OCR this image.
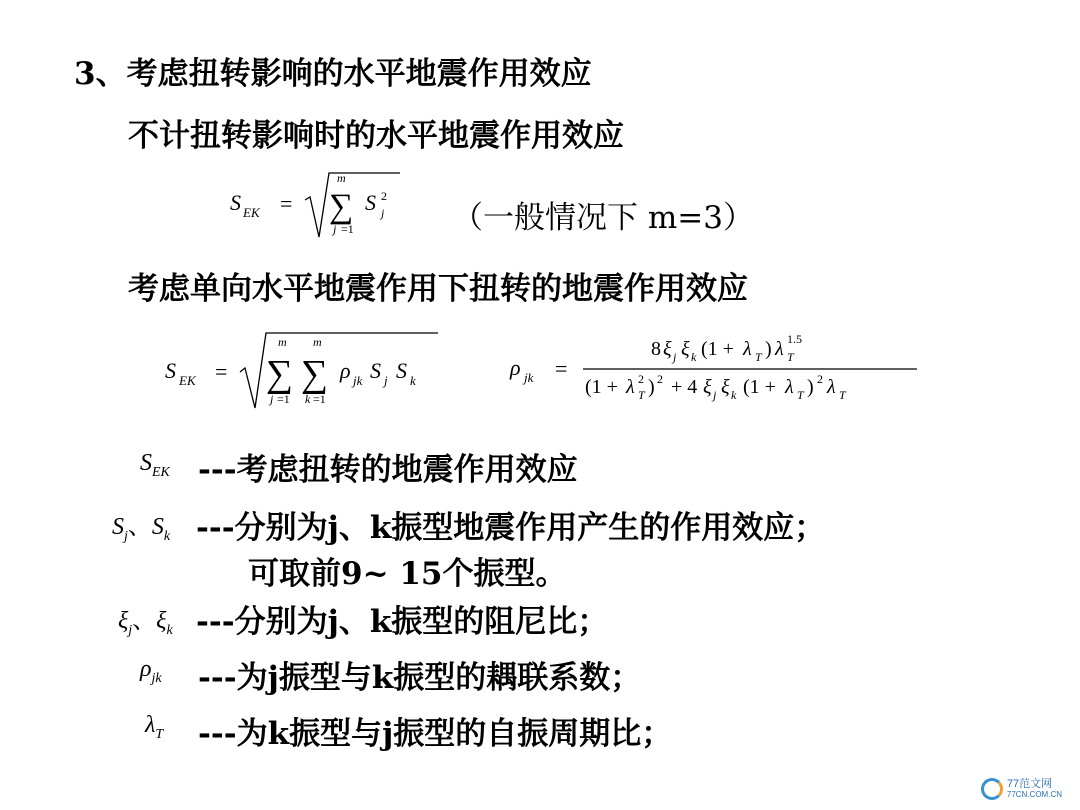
3、考虑扭转影响的水平地震作用效应
不计扭转影响时的水平地震作用效应
S EK =
m
∑
j =1
S 2
j （一般情况下 m=3）
考虑单向水平地震作用下扭转的地震作用效应
S EK =
m
∑
j =1
m
∑
k =1
ρ jk S j S k
ρ jk =
8 ξ j ξ k (1 + λ T ) λ T
1.5
(1 + λ T
2 ) 2 + 4 ξ j ξ k (1 + λ T ) 2 λ T
$S_{EK}$ ---考虑扭转的地震作用效应
$S_j$、$S_k$ ---分别为j、k振型地震作用产生的作用效应；
可取前9~ 15个振型。
$\xi_j$、$\xi_k$ ---分别为j、k振型的阻尼比；
$\rho_{jk}$ ---为j振型与k振型的耦联系数；
$\lambda_T$ ---为k振型与j振型的自振周期比；
77范文网
77CN.COM.CN
